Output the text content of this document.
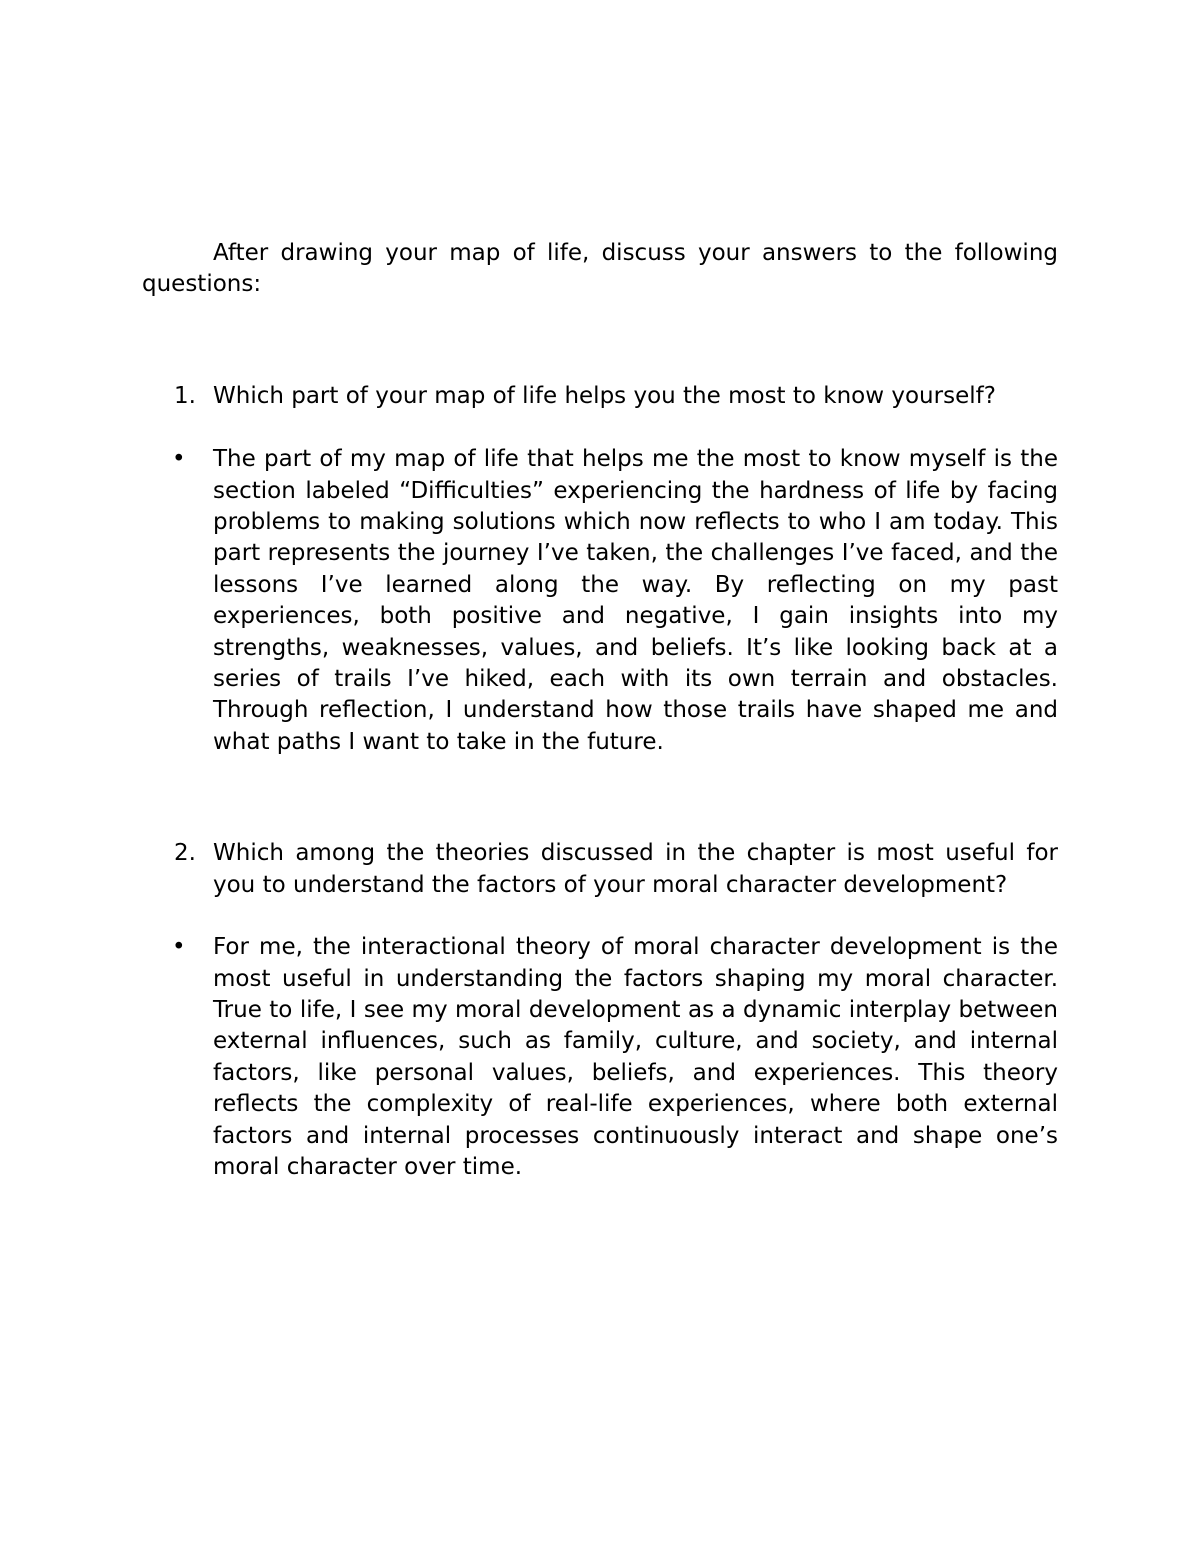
After drawing your map of life, discuss your answers to the following questions:

1. Which part of your map of life helps you the most to know yourself?
• The part of my map of life that helps me the most to know myself is the section labeled “Difficulties” experiencing the hardness of life by facing problems to making solutions which now reflects to who I am today. This part represents the journey I’ve taken, the challenges I’ve faced, and the lessons I’ve learned along the way. By reflecting on my past experiences, both positive and negative, I gain insights into my strengths, weaknesses, values, and beliefs. It’s like looking back at a series of trails I’ve hiked, each with its own terrain and obstacles. Through reflection, I understand how those trails have shaped me and what paths I want to take in the future.
2. Which among the theories discussed in the chapter is most useful for you to understand the factors of your moral character development?
• For me, the interactional theory of moral character development is the most useful in understanding the factors shaping my moral character. True to life, I see my moral development as a dynamic interplay between external influences, such as family, culture, and society, and internal factors, like personal values, beliefs, and experiences. This theory reflects the complexity of real-life experiences, where both external factors and internal processes continuously interact and shape one’s moral character over time.
